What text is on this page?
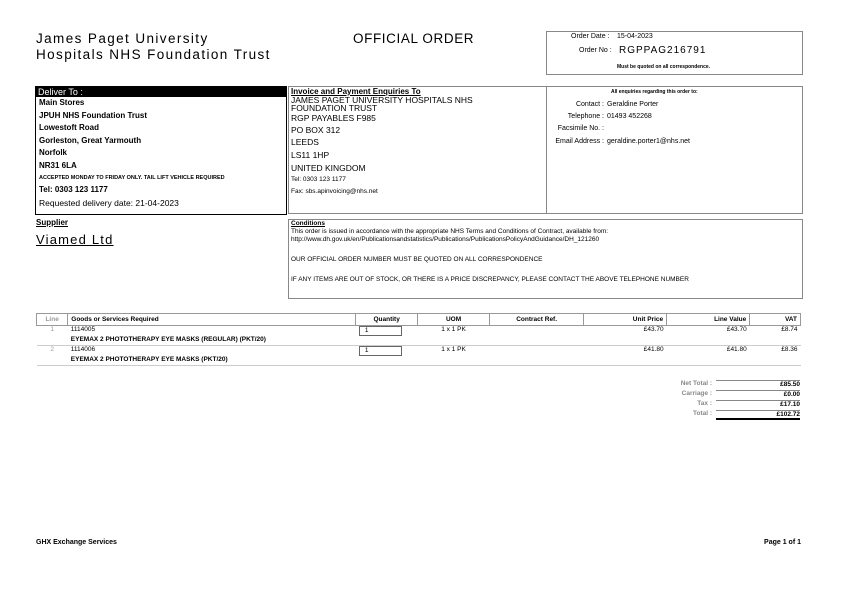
James Paget University
Hospitals NHS Foundation Trust
OFFICIAL ORDER	Order Date : 15-04-2023
Order No : RGPPAG216791
Must be quoted on all correspondence.
Deliver To :
Main Stores
JPUH NHS Foundation Trust
Lowestoft Road
Gorleston, Great Yarmouth
Norfolk
NR31 6LA
ACCEPTED MONDAY TO FRIDAY ONLY. TAIL LIFT VEHICLE REQUIRED
Tel: 0303 123 1177
Requested delivery date: 21-04-2023
Invoice and Payment Enquiries To
JAMES PAGET UNIVERSITY HOSPITALS NHS
FOUNDATION TRUST
RGP PAYABLES F985
PO BOX 312
LEEDS
LS11 1HP
UNITED KINGDOM
Tel: 0303 123 1177
Fax: sbs.apinvoicing@nhs.net
All enquiries regarding this order to:
Contact : Geraldine Porter
Telephone : 01493 452268
Facsimile No. :
Email Address : geraldine.porter1@nhs.net
Supplier
Viamed Ltd
Conditions
This order is issued in accordance with the appropriate NHS Terms and Conditions of Contract, available from:
http://www.dh.gov.uk/en/Publicationsandstatistics/Publications/PublicationsPolicyAndGuidance/DH_121260
OUR OFFICIAL ORDER NUMBER MUST BE QUOTED ON ALL CORRESPONDENCE
IF ANY ITEMS ARE OUT OF STOCK, OR THERE IS A PRICE DISCREPANCY, PLEASE CONTACT THE ABOVE TELEPHONE NUMBER
Line	Goods or Services Required	Quantity	UOM	Contract Ref.	Unit Price	Line Value	VAT
1	1114005	1	1 x 1 PK		£43.70	£43.70	£8.74
	EYEMAX 2 PHOTOTHERAPY EYE MASKS (REGULAR) (PKT/20)						
2	1114006	1	1 x 1 PK		£41.80	£41.80	£8.36
	EYEMAX 2 PHOTOTHERAPY EYE MASKS (PKT/20)						
Net Total :	£85.50
Carriage :	£0.00
Tax :	£17.10
Total :	£102.72
GHX Exchange Services	Page 1 of 1
